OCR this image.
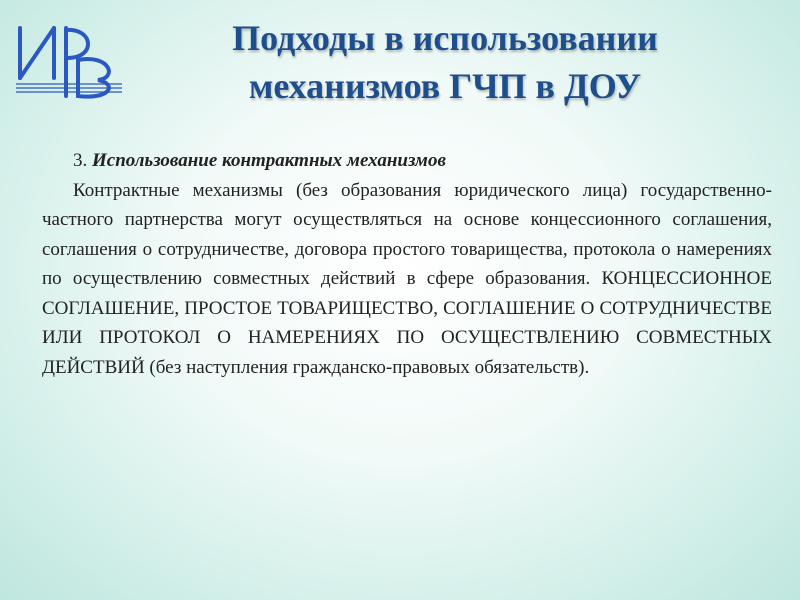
Подходы в использовании
механизмов ГЧП в ДОУ
3. Использование контрактных механизмов

Контрактные механизмы (без образования юридического лица) государственно-частного партнерства могут осуществляться на основе концессионного соглашения, соглашения о сотрудничестве, договора простого товарищества, протокола о намерениях по осуществлению совместных действий в сфере образования. КОНЦЕССИОННОЕ СОГЛАШЕНИЕ, ПРОСТОЕ ТОВАРИЩЕСТВО, СОГЛАШЕНИЕ О СОТРУДНИЧЕСТВЕ ИЛИ ПРОТОКОЛ О НАМЕРЕНИЯХ ПО ОСУЩЕСТВЛЕНИЮ СОВМЕСТНЫХ ДЕЙСТВИЙ (без наступления гражданско-правовых обязательств).
